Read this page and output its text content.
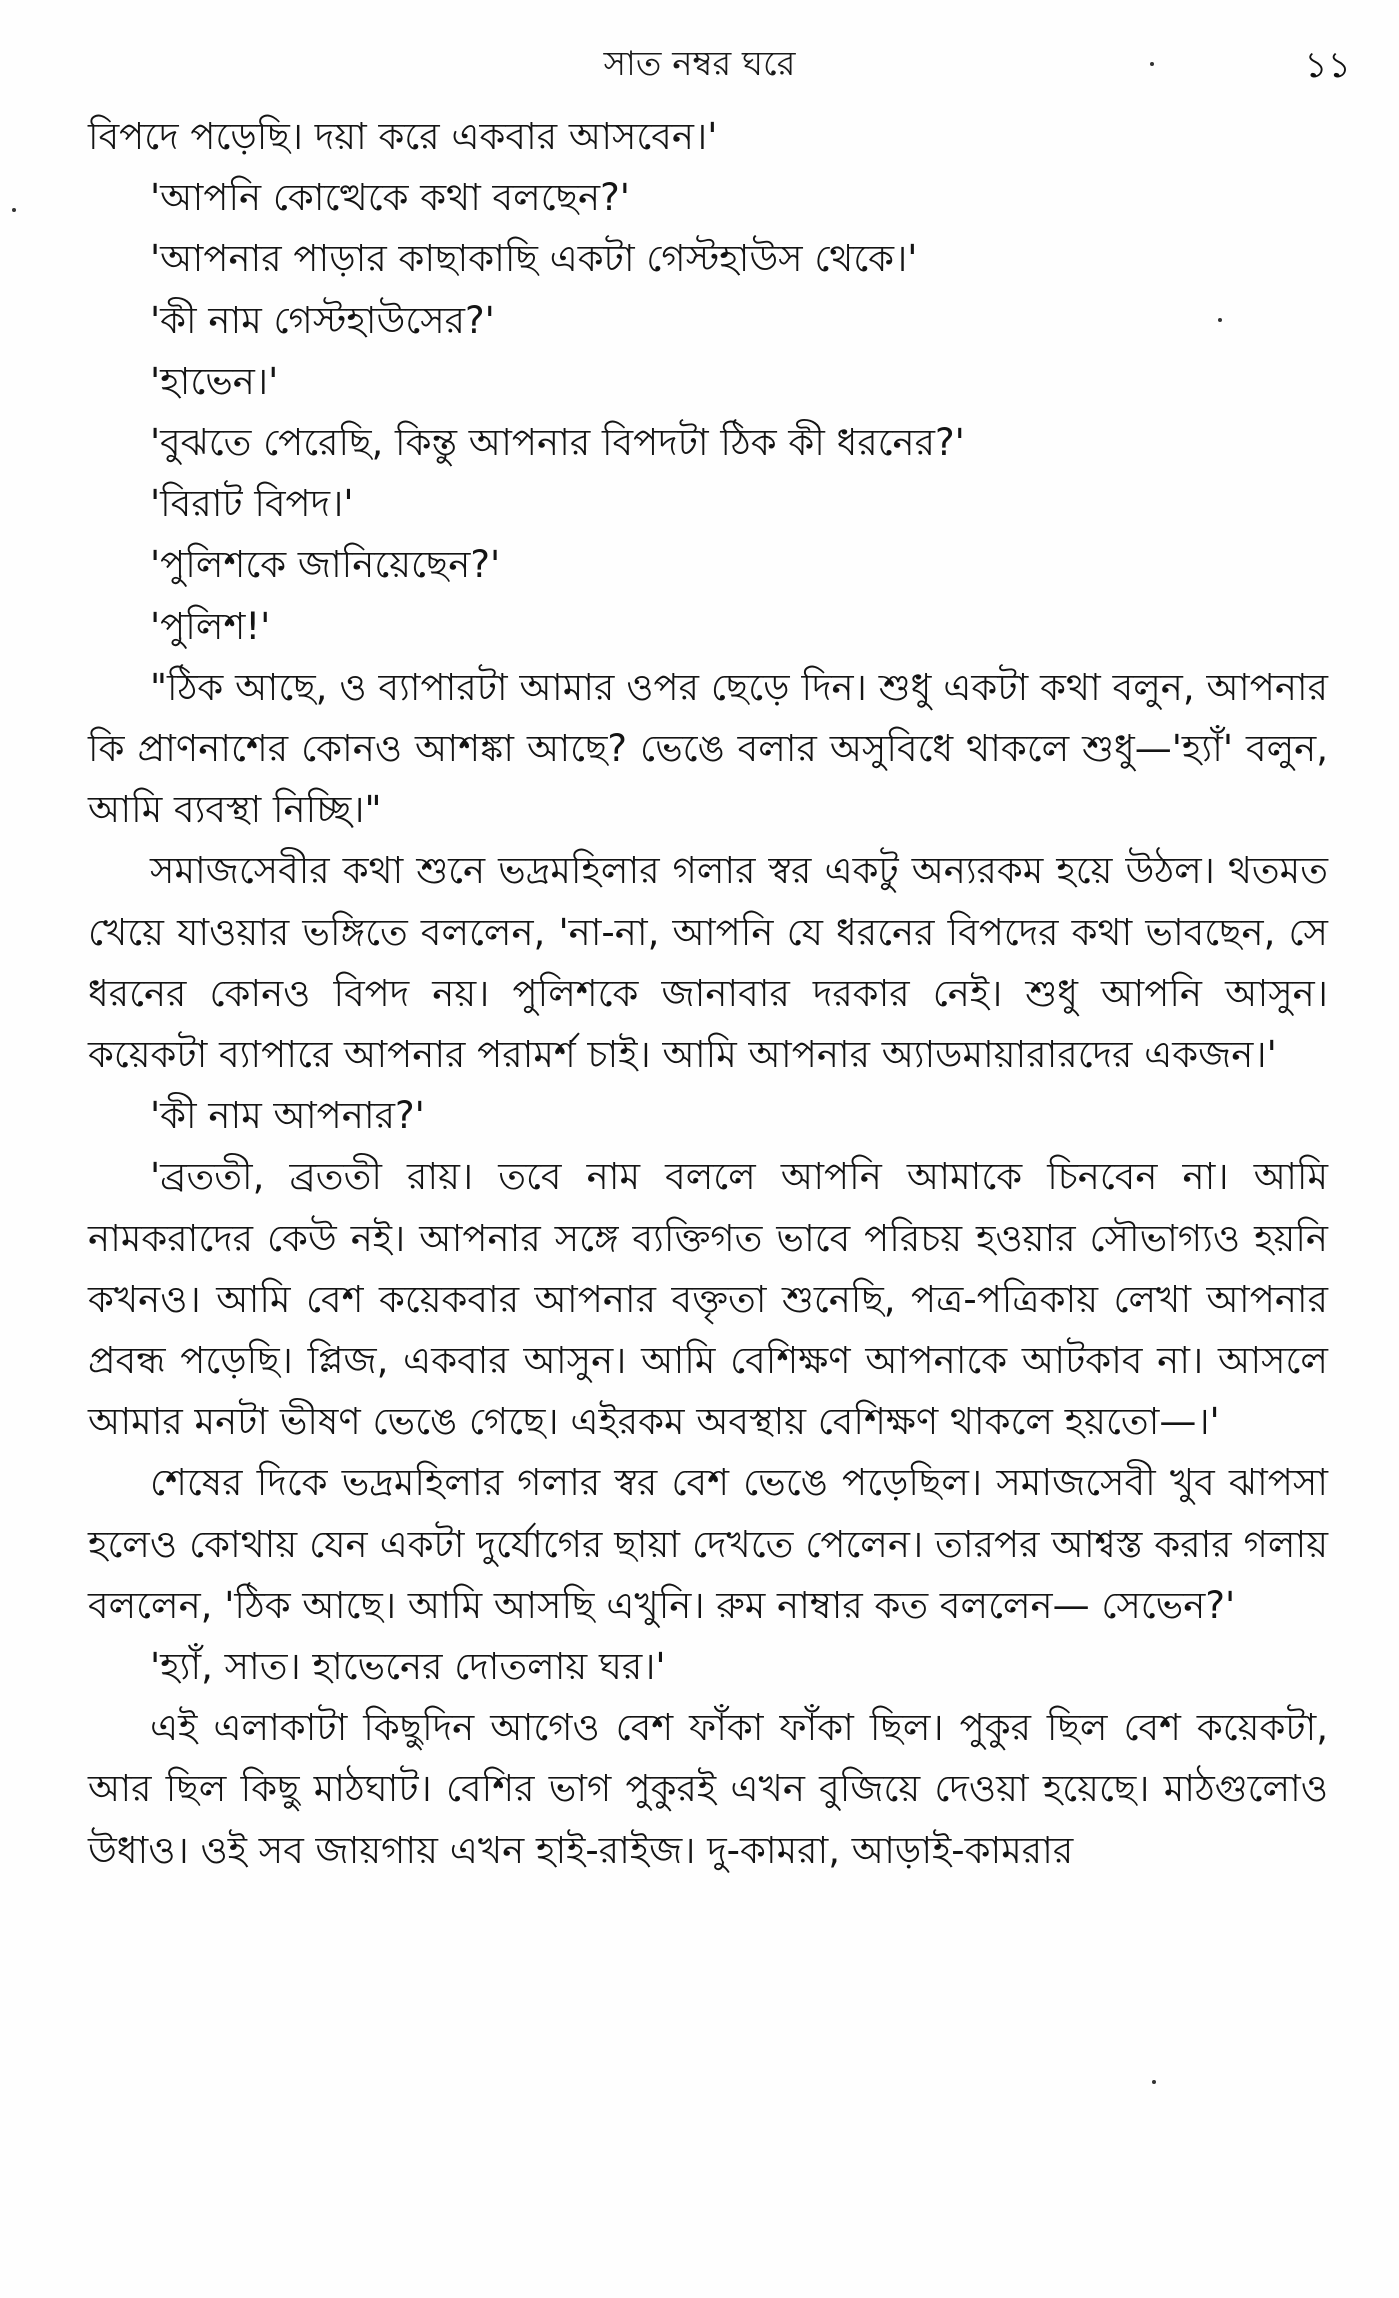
সাত নম্বর ঘরে	১১

বিপদে পড়েছি। দয়া করে একবার আসবেন।'

'আপনি কোত্থেকে কথা বলছেন?'

'আপনার পাড়ার কাছাকাছি একটা গেস্টহাউস থেকে।'

'কী নাম গেস্টহাউসের?'

'হাভেন।'

'বুঝতে পেরেছি, কিন্তু আপনার বিপদটা ঠিক কী ধরনের?'

'বিরাট বিপদ।'

'পুলিশকে জানিয়েছেন?'

'পুলিশ!'

"ঠিক আছে, ও ব্যাপারটা আমার ওপর ছেড়ে দিন। শুধু একটা কথা বলুন, আপনার কি প্রাণনাশের কোনও আশঙ্কা আছে? ভেঙে বলার অসুবিধে থাকলে শুধু—'হ্যাঁ' বলুন, আমি ব্যবস্থা নিচ্ছি।"

সমাজসেবীর কথা শুনে ভদ্রমহিলার গলার স্বর একটু অন্যরকম হয়ে উঠল। থতমত খেয়ে যাওয়ার ভঙ্গিতে বললেন, 'না-না, আপনি যে ধরনের বিপদের কথা ভাবছেন, সে ধরনের কোনও বিপদ নয়। পুলিশকে জানাবার দরকার নেই। শুধু আপনি আসুন। কয়েকটা ব্যাপারে আপনার পরামর্শ চাই। আমি আপনার অ্যাডমায়ারারদের একজন।'

'কী নাম আপনার?'

'ব্রততী, ব্রততী রায়। তবে নাম বললে আপনি আমাকে চিনবেন না। আমি নামকরাদের কেউ নই। আপনার সঙ্গে ব্যক্তিগত ভাবে পরিচয় হওয়ার সৌভাগ্যও হয়নি কখনও। আমি বেশ কয়েকবার আপনার বক্তৃতা শুনেছি, পত্র-পত্রিকায় লেখা আপনার প্রবন্ধ পড়েছি। প্লিজ, একবার আসুন। আমি বেশিক্ষণ আপনাকে আটকাব না। আসলে আমার মনটা ভীষণ ভেঙে গেছে। এইরকম অবস্থায় বেশিক্ষণ থাকলে হয়তো—।'

শেষের দিকে ভদ্রমহিলার গলার স্বর বেশ ভেঙে পড়েছিল। সমাজসেবী খুব ঝাপসা হলেও কোথায় যেন একটা দুর্যোগের ছায়া দেখতে পেলেন। তারপর আশ্বস্ত করার গলায় বললেন, 'ঠিক আছে। আমি আসছি এখুনি। রুম নাম্বার কত বললেন— সেভেন?'

'হ্যাঁ, সাত। হাভেনের দোতলায় ঘর।'

এই এলাকাটা কিছুদিন আগেও বেশ ফাঁকা ফাঁকা ছিল। পুকুর ছিল বেশ কয়েকটা, আর ছিল কিছু মাঠঘাট। বেশির ভাগ পুকুরই এখন বুজিয়ে দেওয়া হয়েছে। মাঠগুলোও উধাও। ওই সব জায়গায় এখন হাই-রাইজ। দু-কামরা, আড়াই-কামরার
